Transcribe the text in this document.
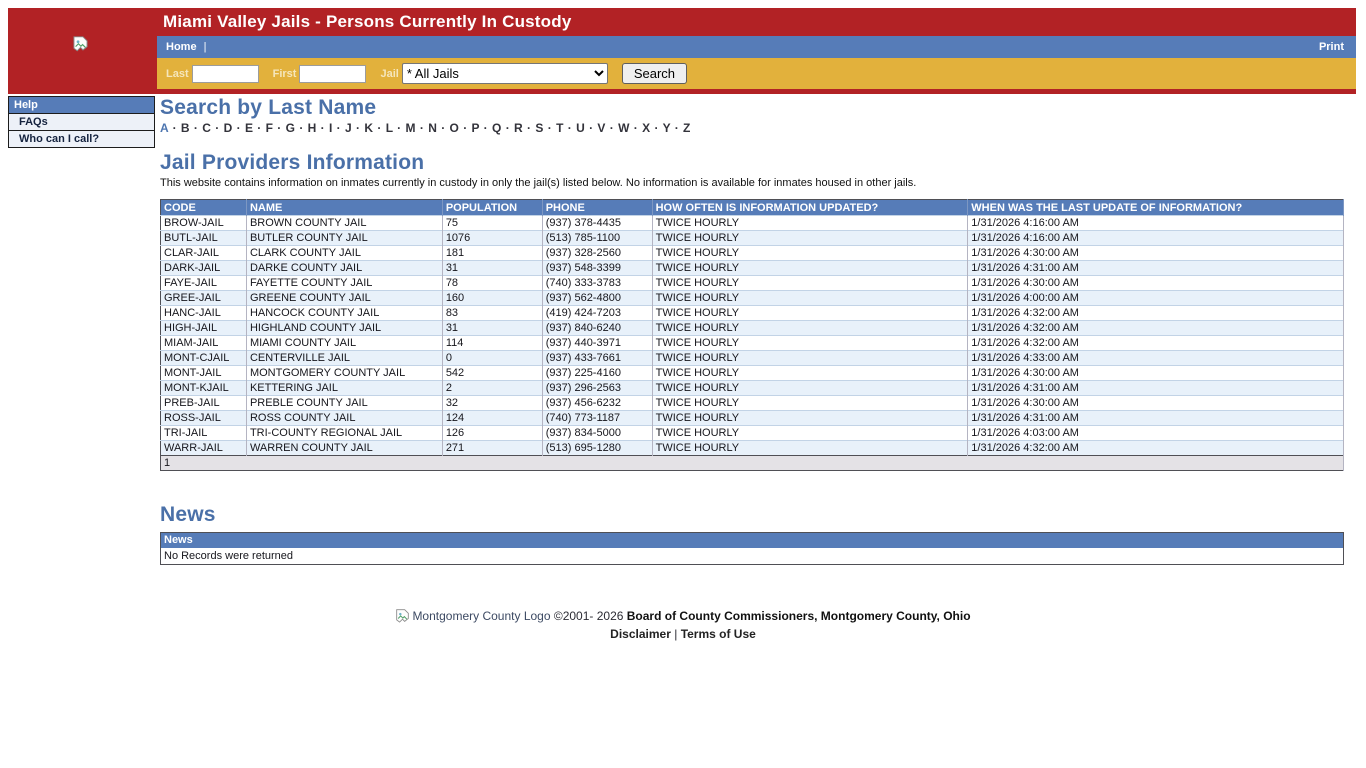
Miami Valley Jails - Persons Currently In Custody
Home |	Print
Last	First	Jail
* All Jails	Search
Help
FAQs
Who can I call?
Search by Last Name
A · B · C · D · E · F · G · H · I · J · K · L · M · N · O · P · Q · R · S · T · U · V · W · X · Y · Z
Jail Providers Information

This website contains information on inmates currently in custody in only the jail(s) listed below. No information is available for inmates housed in other jails.

CODE	NAME	POPULATION	PHONE	HOW OFTEN IS INFORMATION UPDATED?	WHEN WAS THE LAST UPDATE OF INFORMATION?
BROW-JAIL	BROWN COUNTY JAIL	75	(937) 378-4435	TWICE HOURLY	1/31/2026 4:16:00 AM
BUTL-JAIL	BUTLER COUNTY JAIL	1076	(513) 785-1100	TWICE HOURLY	1/31/2026 4:16:00 AM
CLAR-JAIL	CLARK COUNTY JAIL	181	(937) 328-2560	TWICE HOURLY	1/31/2026 4:30:00 AM
DARK-JAIL	DARKE COUNTY JAIL	31	(937) 548-3399	TWICE HOURLY	1/31/2026 4:31:00 AM
FAYE-JAIL	FAYETTE COUNTY JAIL	78	(740) 333-3783	TWICE HOURLY	1/31/2026 4:30:00 AM
GREE-JAIL	GREENE COUNTY JAIL	160	(937) 562-4800	TWICE HOURLY	1/31/2026 4:00:00 AM
HANC-JAIL	HANCOCK COUNTY JAIL	83	(419) 424-7203	TWICE HOURLY	1/31/2026 4:32:00 AM
HIGH-JAIL	HIGHLAND COUNTY JAIL	31	(937) 840-6240	TWICE HOURLY	1/31/2026 4:32:00 AM
MIAM-JAIL	MIAMI COUNTY JAIL	114	(937) 440-3971	TWICE HOURLY	1/31/2026 4:32:00 AM
MONT-CJAIL	CENTERVILLE JAIL	0	(937) 433-7661	TWICE HOURLY	1/31/2026 4:33:00 AM
MONT-JAIL	MONTGOMERY COUNTY JAIL	542	(937) 225-4160	TWICE HOURLY	1/31/2026 4:30:00 AM
MONT-KJAIL	KETTERING JAIL	2	(937) 296-2563	TWICE HOURLY	1/31/2026 4:31:00 AM
PREB-JAIL	PREBLE COUNTY JAIL	32	(937) 456-6232	TWICE HOURLY	1/31/2026 4:30:00 AM
ROSS-JAIL	ROSS COUNTY JAIL	124	(740) 773-1187	TWICE HOURLY	1/31/2026 4:31:00 AM
TRI-JAIL	TRI-COUNTY REGIONAL JAIL	126	(937) 834-5000	TWICE HOURLY	1/31/2026 4:03:00 AM
WARR-JAIL	WARREN COUNTY JAIL	271	(513) 695-1280	TWICE HOURLY	1/31/2026 4:32:00 AM
1					
News
News
No Records were returned
Montgomery County Logo ©2001- 2026 Board of County Commissioners, Montgomery County, Ohio
Disclaimer | Terms of Use
